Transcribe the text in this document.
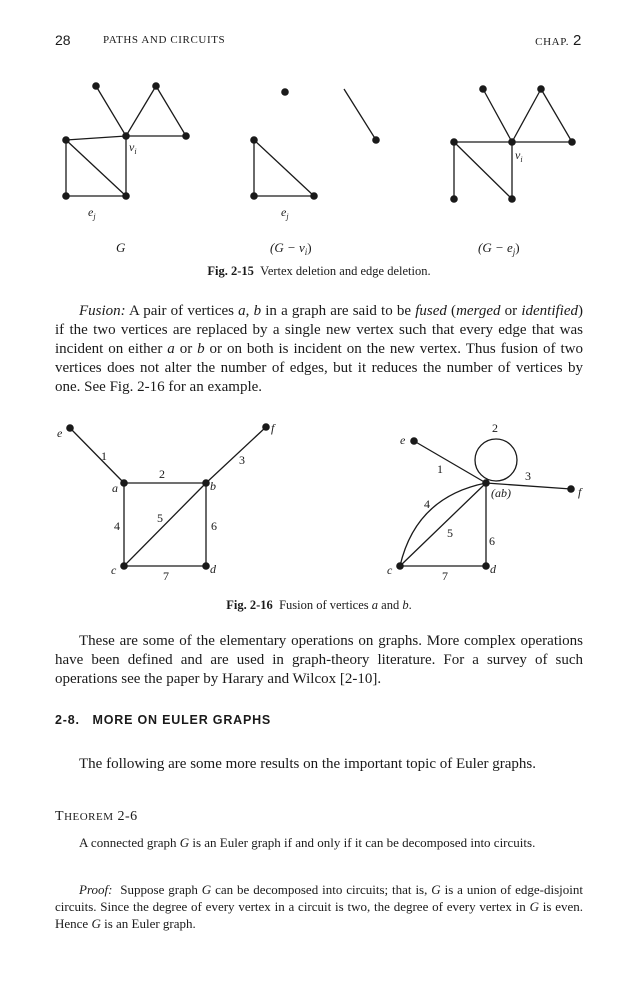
28	PATHS AND CIRCUITS	CHAP. 2
$v_i$
$e_j$	$e_j$
$v_i$
G	$(G - v_i)$	$(G - e_j)$
Fig. 2-15 Vertex deletion and edge deletion.

Fusion: A pair of vertices a, b in a graph are said to be fused (merged or identified) if the two vertices are replaced by a single new vertex such that every edge that was incident on either a or b or on both is incident on the new vertex. Thus fusion of two vertices does not alter the number of edges, but it reduces the number of vertices by one. See Fig. 2-16 for an example.

e	f
a	b
c	d
1
2
3
4
5
6
7
e
f
(ab)
c	d
1
2
3
4
5
6
7
Fig. 2-16 Fusion of vertices a and b.

These are some of the elementary operations on graphs. More complex operations have been defined and are used in graph-theory literature. For a survey of such operations see the paper by Harary and Wilcox [2-10].

2-8.   MORE ON EULER GRAPHS

The following are some more results on the important topic of Euler graphs.

THEOREM 2-6

A connected graph G is an Euler graph if and only if it can be decomposed into circuits.

Proof:  Suppose graph G can be decomposed into circuits; that is, G is a union of edge-disjoint circuits. Since the degree of every vertex in a circuit is two, the degree of every vertex in G is even. Hence G is an Euler graph.
